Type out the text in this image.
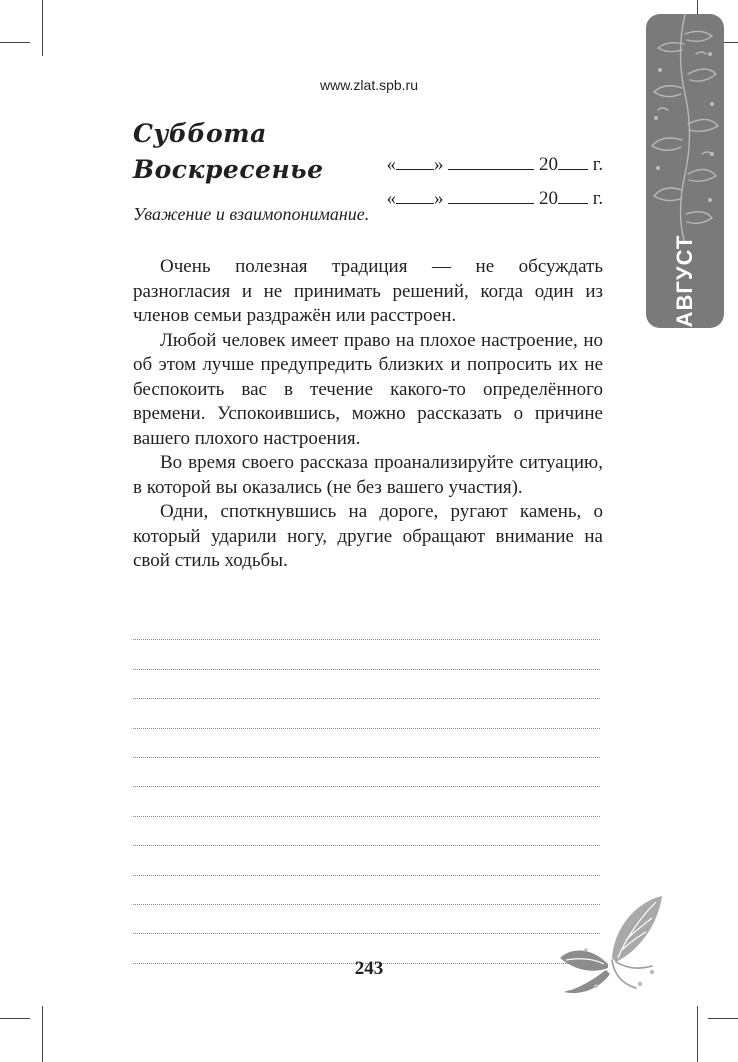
www.zlat.spb.ru
АВГУСТ
Суббота

« »	20 г.

Воскресенье

« »	20 г.

Уважение и взаимопонимание.

Очень полезная традиция — не обсуждать разногласия и не принимать решений, когда один из членов семьи раздражён или расстроен.

Любой человек имеет право на плохое настроение, но об этом лучше предупредить близких и попросить их не беспокоить вас в течение какого-то определённого времени. Успокоившись, можно рассказать о причине вашего плохого настроения.

Во время своего рассказа проанализируйте ситуацию, в которой вы оказались (не без вашего участия).

Одни, споткнувшись на дороге, ругают камень, о который ударили ногу, другие обращают внимание на свой стиль ходьбы.

243
